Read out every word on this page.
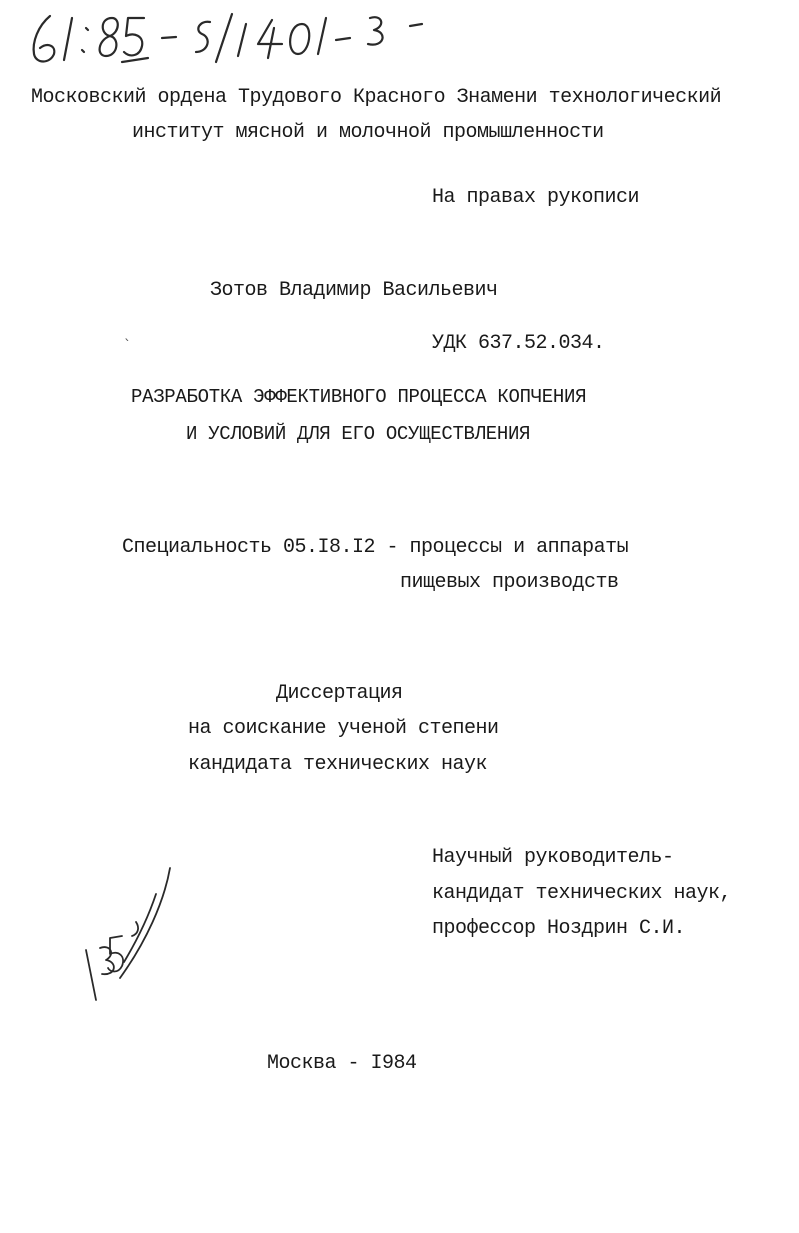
Московский ордена Трудового Красного Знамени технологический
институт мясной и молочной промышленности
На правах рукописи
Зотов Владимир Васильевич
УДК 637.52.034.
ˋ
РАЗРАБОТКА ЭФФЕКТИВНОГО ПРОЦЕССА КОПЧЕНИЯ
И УСЛОВИЙ ДЛЯ ЕГО ОСУЩЕСТВЛЕНИЯ
Специальность 05.I8.I2 - процессы и аппараты
пищевых производств
Диссертация
на соискание ученой степени
кандидата технических наук
Научный руководитель-
кандидат технических наук,
профессор Ноздрин С.И.
Москва - I984
